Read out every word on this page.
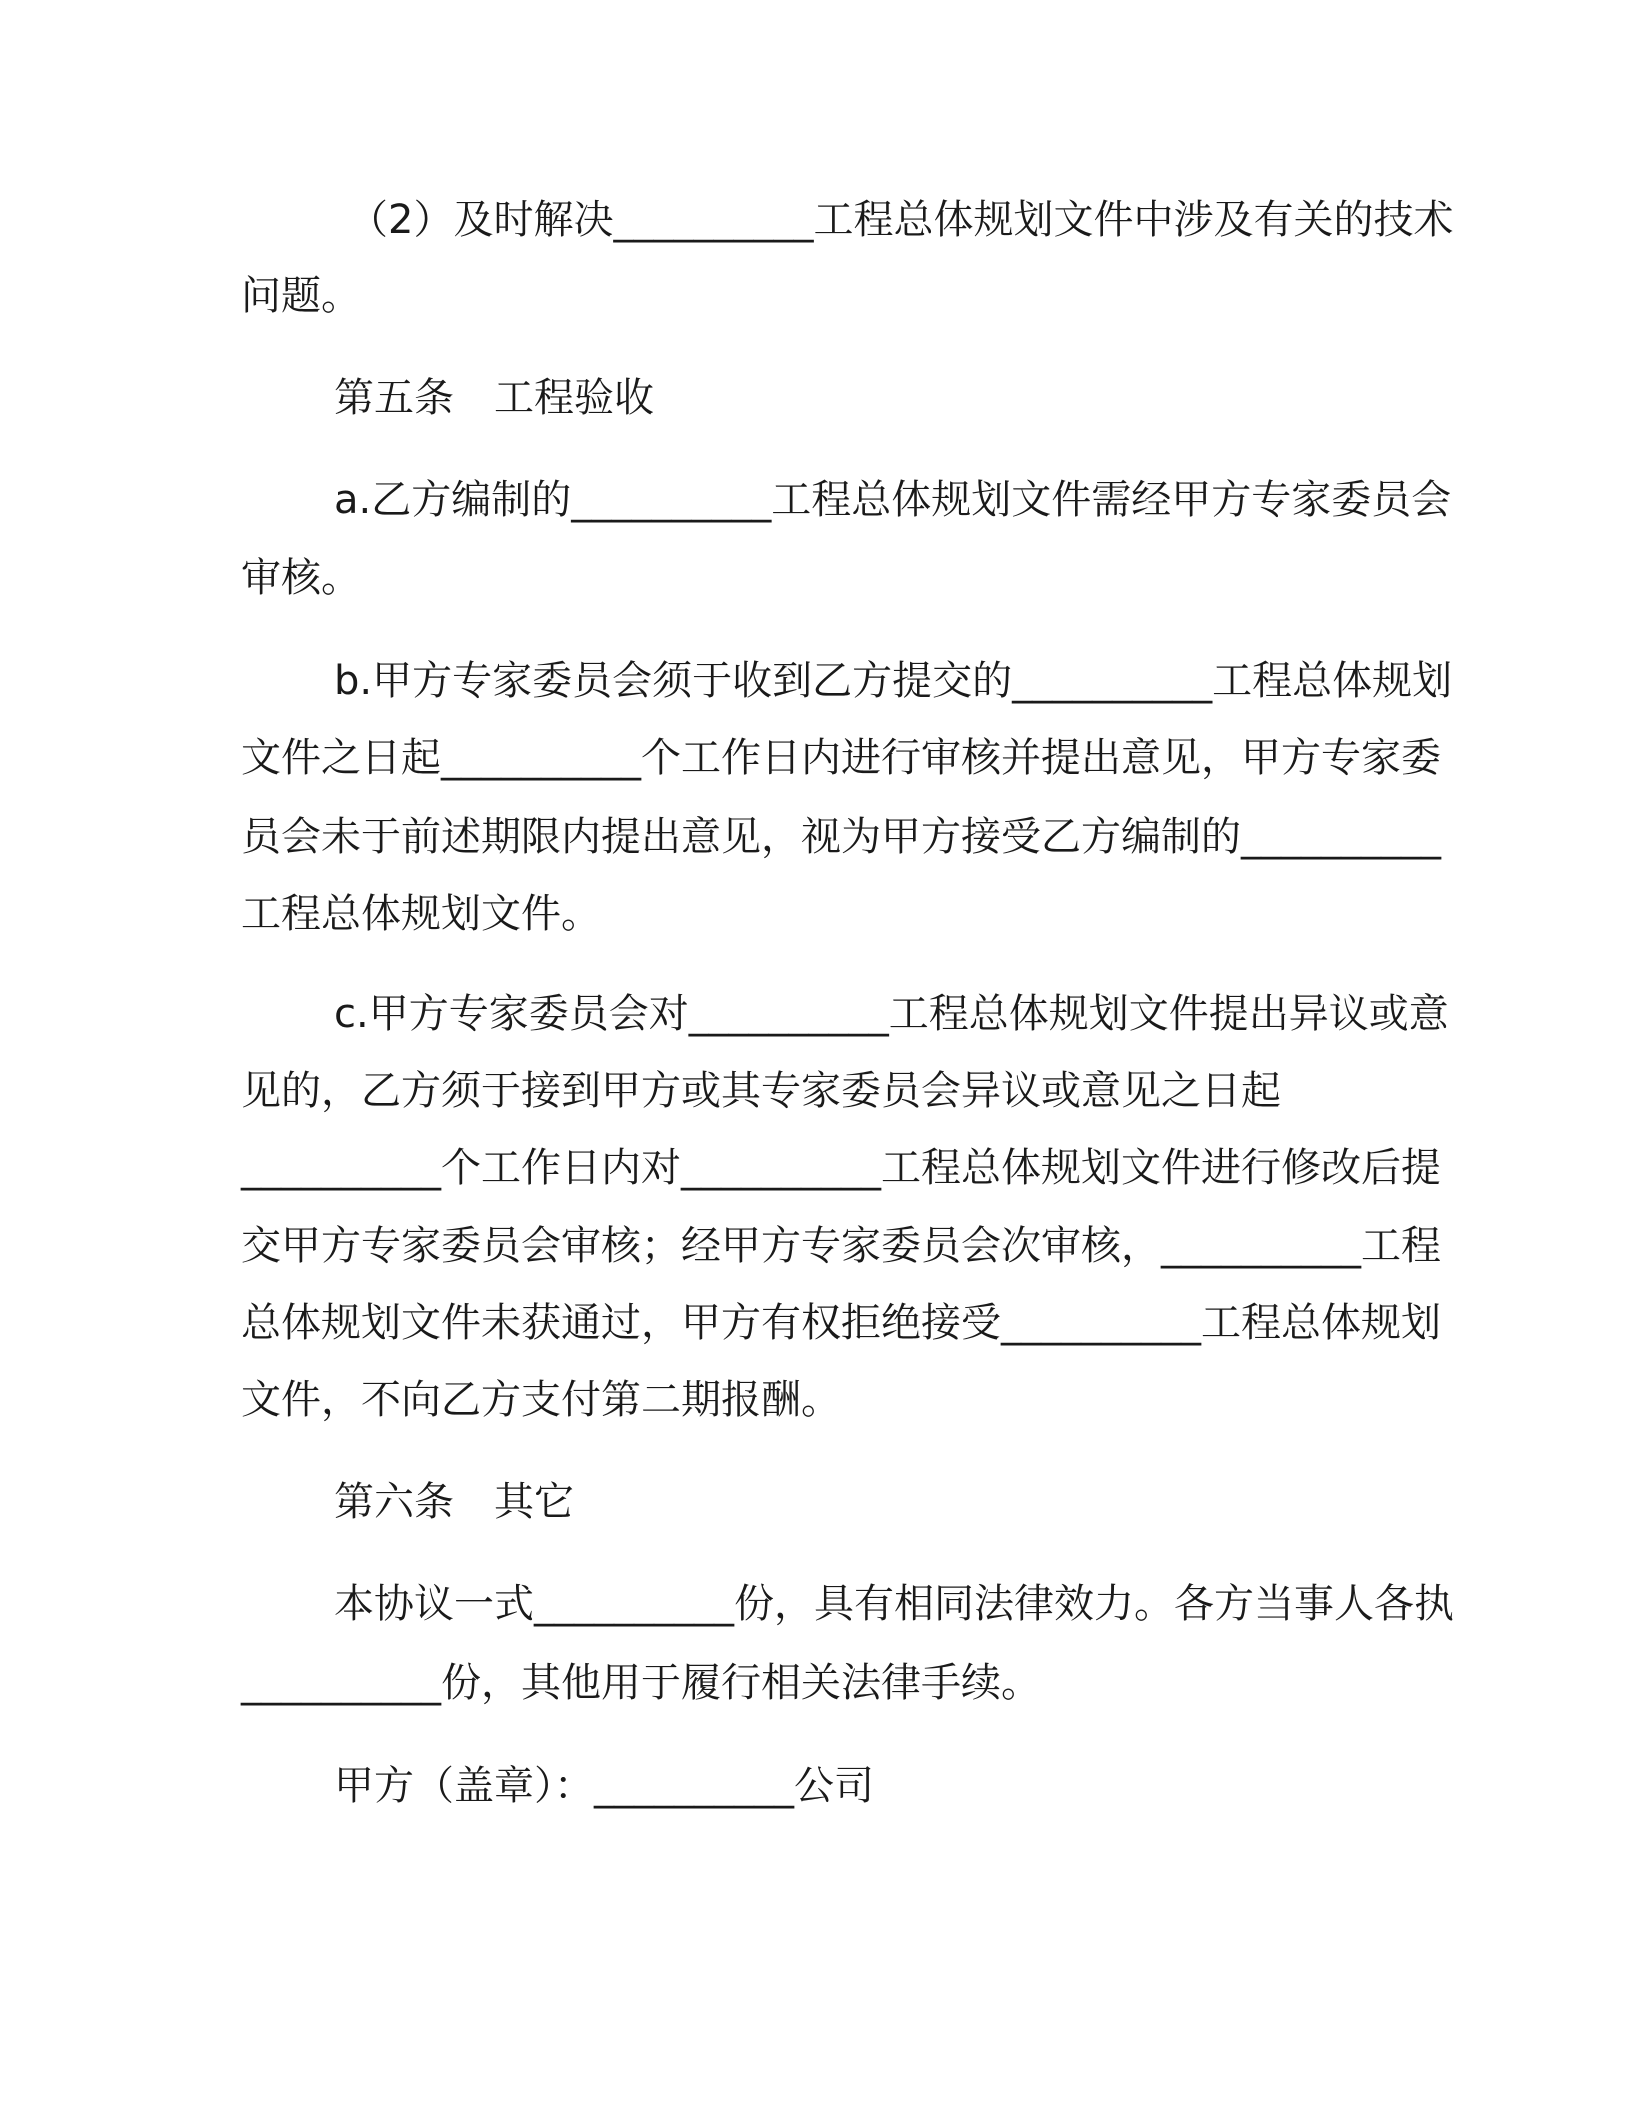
（2）及时解决__________工程总体规划文件中涉及有关的技术
问题。
第五条　工程验收
a.乙方编制的__________工程总体规划文件需经甲方专家委员会
审核。
b.甲方专家委员会须于收到乙方提交的__________工程总体规划
文件之日起__________个工作日内进行审核并提出意见，甲方专家委
员会未于前述期限内提出意见，视为甲方接受乙方编制的__________
工程总体规划文件。
c.甲方专家委员会对__________工程总体规划文件提出异议或意
见的，乙方须于接到甲方或其专家委员会异议或意见之日起
__________个工作日内对__________工程总体规划文件进行修改后提
交甲方专家委员会审核；经甲方专家委员会次审核，__________工程
总体规划文件未获通过，甲方有权拒绝接受__________工程总体规划
文件，不向乙方支付第二期报酬。
第六条　其它
本协议一式__________份，具有相同法律效力。各方当事人各执
__________份，其他用于履行相关法律手续。
甲方（盖章）：__________公司
